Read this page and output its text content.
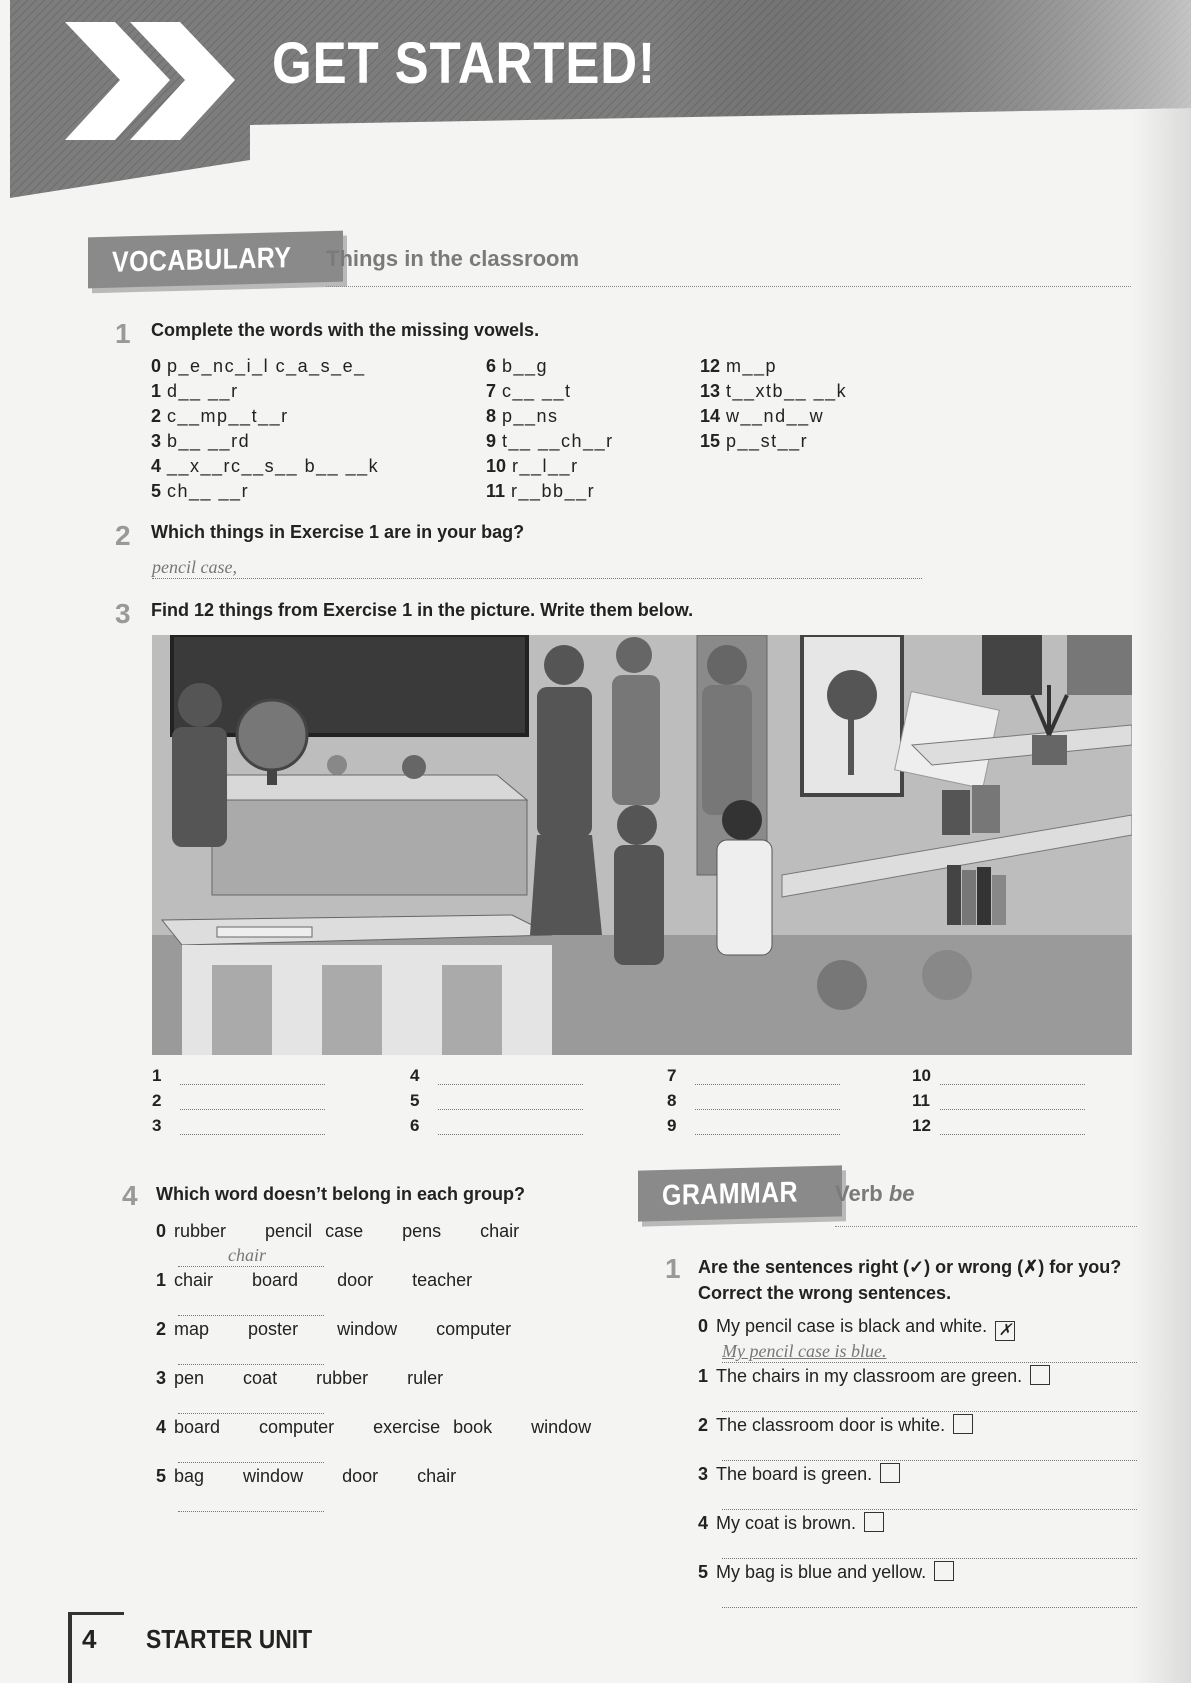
GET STARTED!
VOCABULARY	Things in the classroom
1 Complete the words with the missing vowels.
0 p_e_nc_i_l c_a_s_e_
1 d__ __r
2 c__mp__t__r
3 b__ __rd
4 __x__rc__s__ b__ __k
5 ch__ __r
6 b__g
7 c__ __t
8 p__ns
9 t__ __ch__r
10 r__l__r
11 r__bb__r
12 m__p
13 t__xtb__ __k
14 w__nd__w
15 p__st__r
2 Which things in Exercise 1 are in your bag?
pencil case,
3 Find 12 things from Exercise 1 in the picture. Write them below.
1
2
3
4
5
6
7
8
9
10
11
12
4 Which word doesn’t belong in each group?
0 rubber   pencil case   pens   chair
chair
1 chair   board   door   teacher
2 map   poster   window   computer
3 pen   coat   rubber   ruler
4 board   computer   exercise book   window
5 bag   window   door   chair
GRAMMAR	Verb be
1 Are the sentences right (✓) or wrong (✗) for you?
Correct the wrong sentences.
0 My pencil case is black and white. ✗
My pencil case is blue.
1 The chairs in my classroom are green.
2 The classroom door is white.
3 The board is green.
4 My coat is brown.
5 My bag is blue and yellow.
4 STARTER UNIT
